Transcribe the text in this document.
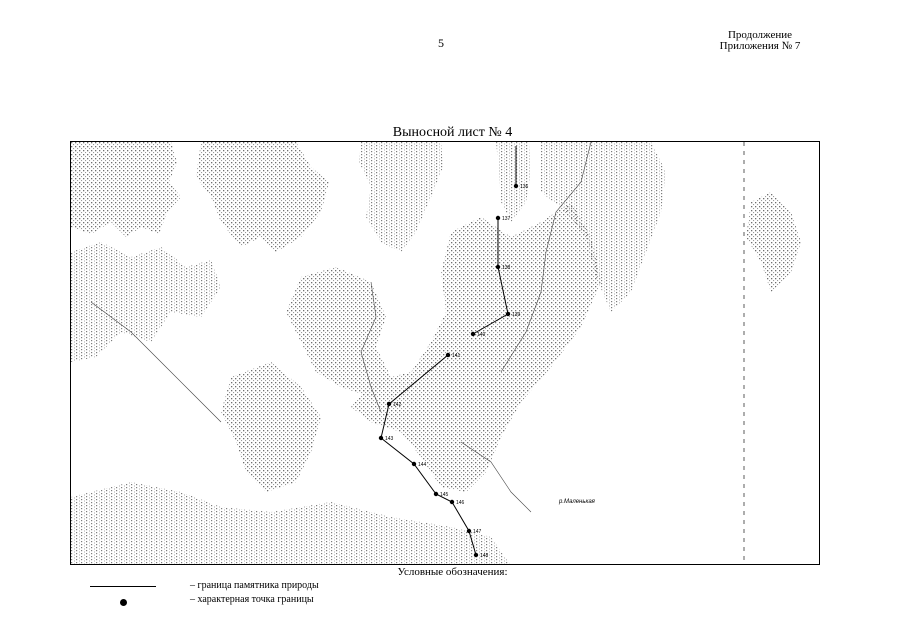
5
Продолжение
Приложения № 7
Выносной лист № 4
136
137
138
139
140
141
142
143
144
145
146
147
148
р.Маленькая
Условные обозначения:
– граница памятника природы
– характерная точка границы
